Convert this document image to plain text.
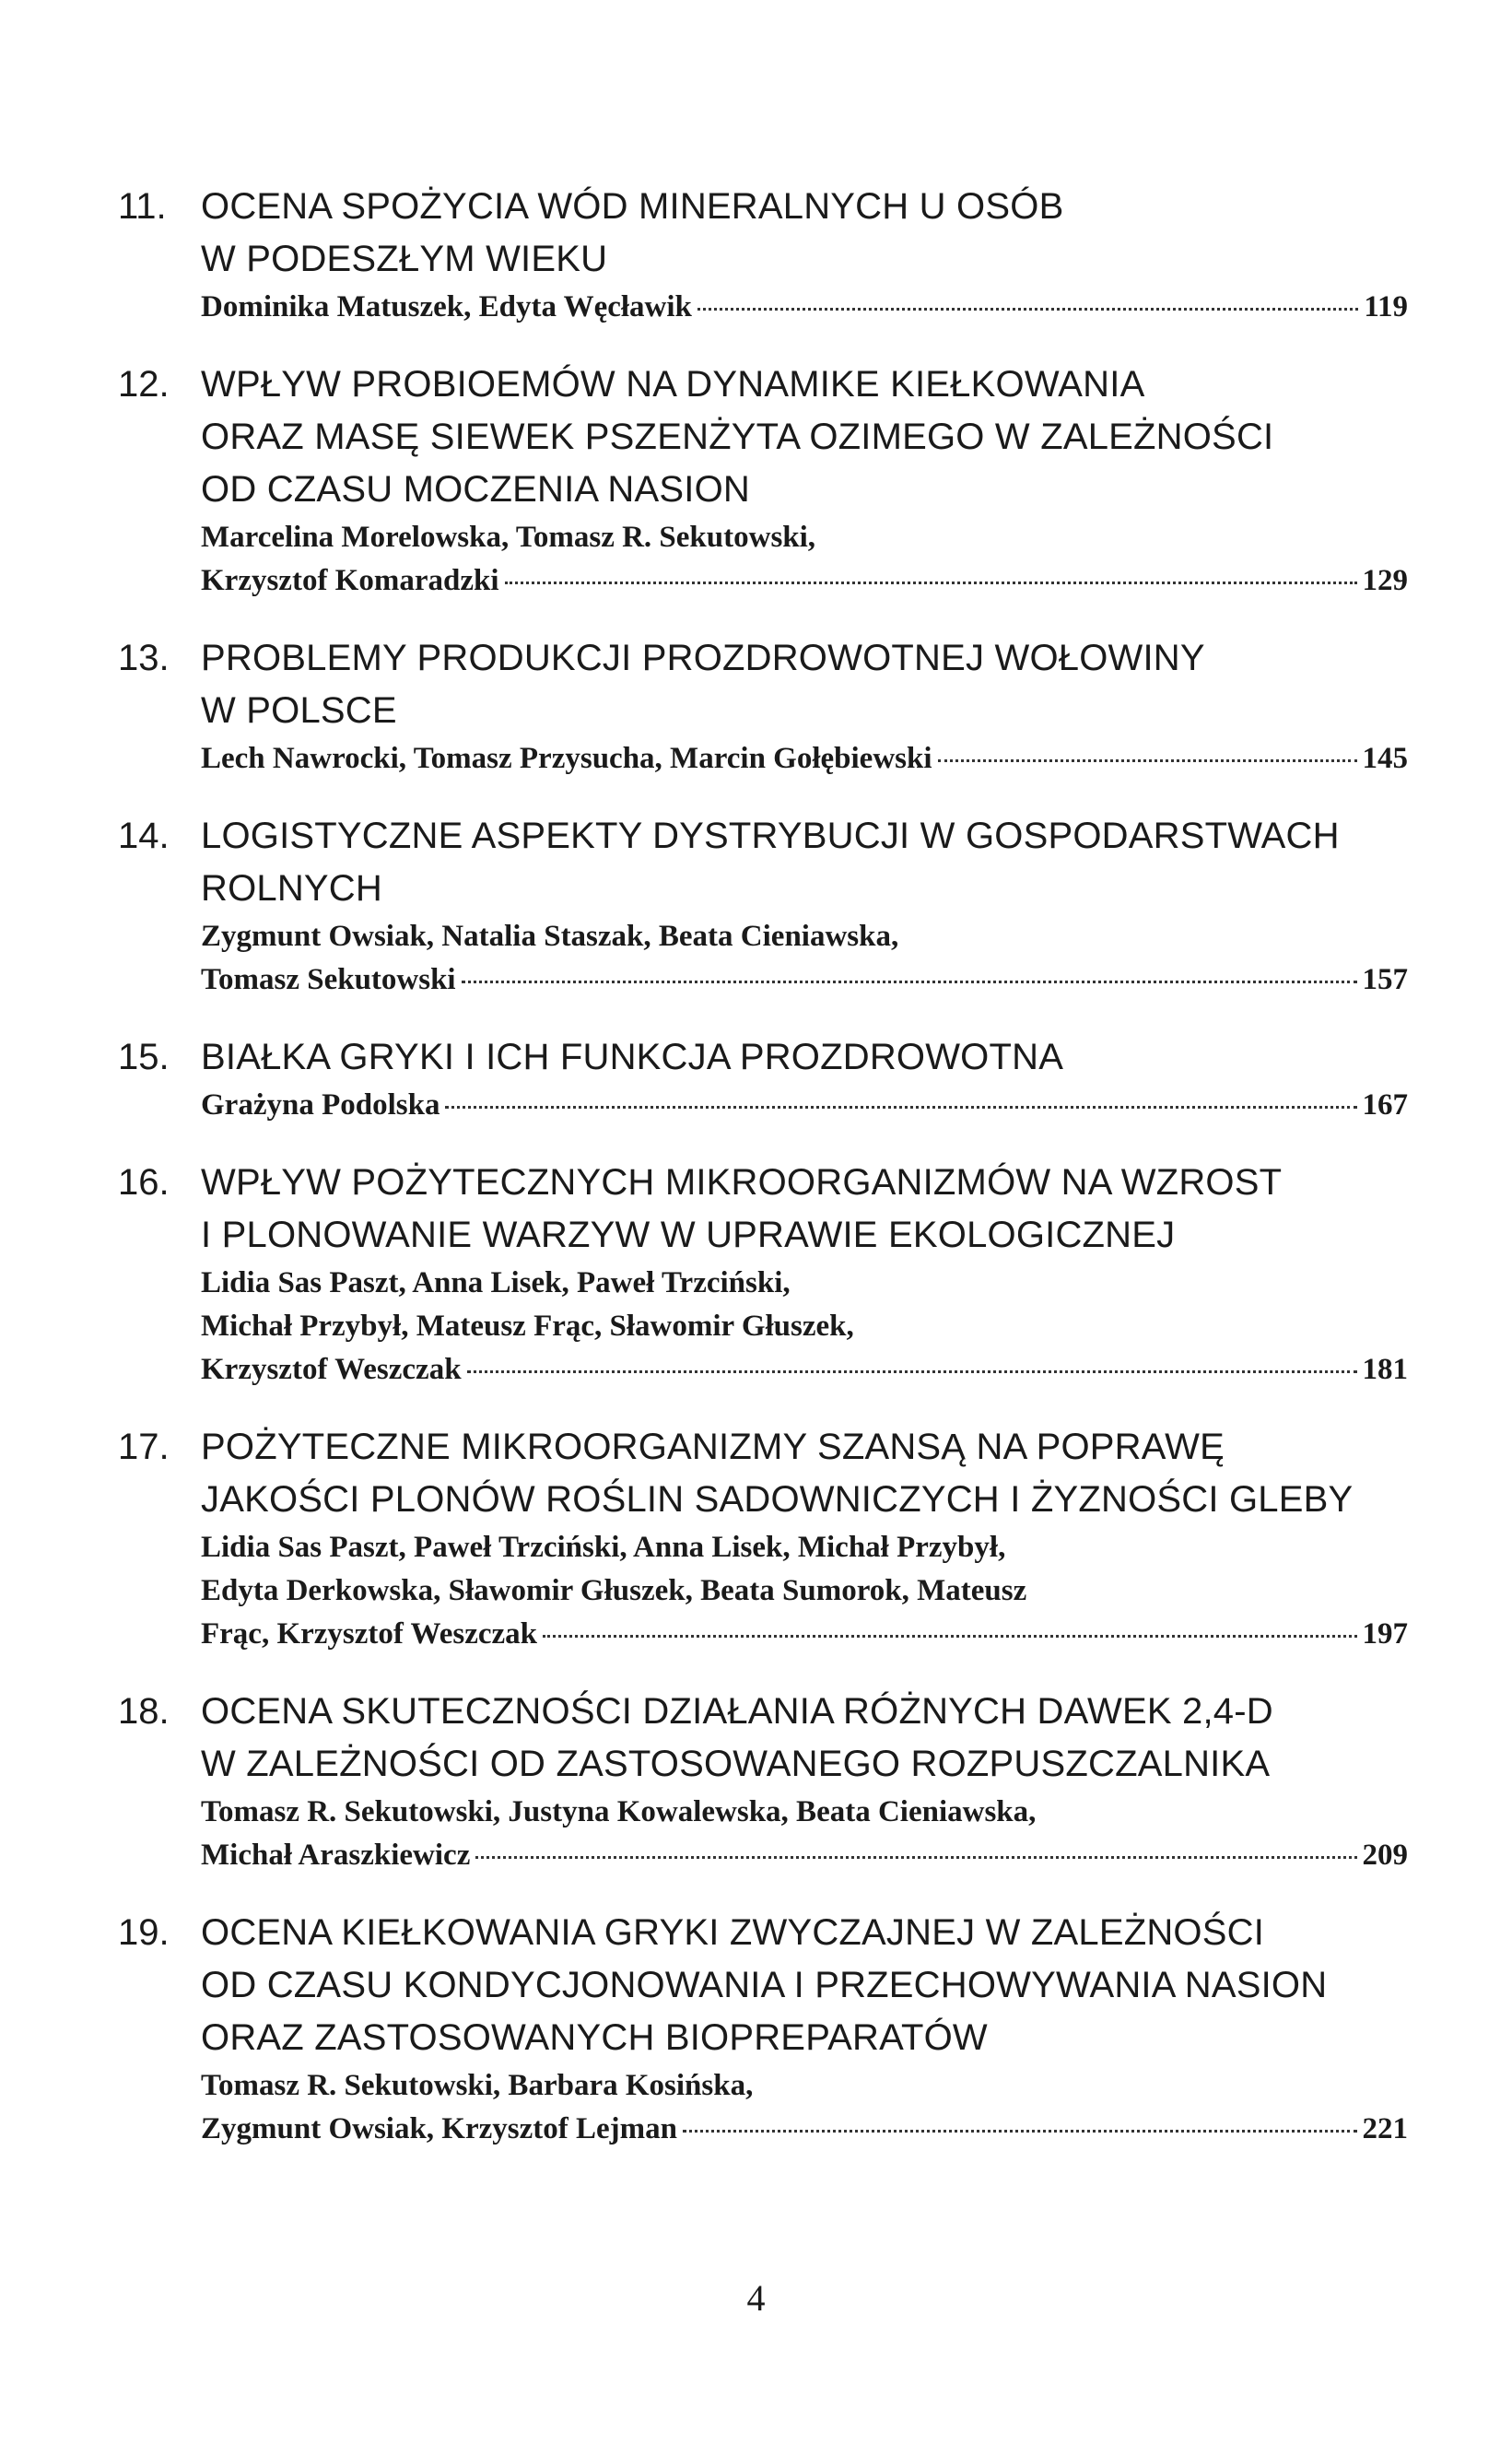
11. OCENA SPOŻYCIA WÓD MINERALNYCH U OSÓB
W PODESZŁYM WIEKU
Dominika Matuszek, Edyta Węcławik	119
12. WPŁYW PROBIOEMÓW NA DYNAMIKE KIEŁKOWANIA
ORAZ MASĘ SIEWEK PSZENŻYTA OZIMEGO W ZALEŻNOŚCI
OD CZASU MOCZENIA NASION
Marcelina Morelowska, Tomasz R. Sekutowski,
Krzysztof Komaradzki	129
13. PROBLEMY PRODUKCJI PROZDROWOTNEJ WOŁOWINY
W POLSCE
Lech Nawrocki, Tomasz Przysucha, Marcin Gołębiewski	145
14. LOGISTYCZNE ASPEKTY DYSTRYBUCJI W GOSPODARSTWACH
ROLNYCH
Zygmunt Owsiak, Natalia Staszak, Beata Cieniawska,
Tomasz Sekutowski	157
15. BIAŁKA GRYKI I ICH FUNKCJA PROZDROWOTNA
Grażyna Podolska	167
16. WPŁYW POŻYTECZNYCH MIKROORGANIZMÓW NA WZROST
I PLONOWANIE WARZYW W UPRAWIE EKOLOGICZNEJ
Lidia Sas Paszt, Anna Lisek, Paweł Trzciński,
Michał Przybył, Mateusz Frąc, Sławomir Głuszek,
Krzysztof Weszczak	181
17. POŻYTECZNE MIKROORGANIZMY SZANSĄ NA POPRAWĘ
JAKOŚCI PLONÓW ROŚLIN SADOWNICZYCH I ŻYZNOŚCI GLEBY
Lidia Sas Paszt, Paweł Trzciński, Anna Lisek, Michał Przybył,
Edyta Derkowska, Sławomir Głuszek, Beata Sumorok, Mateusz
Frąc, Krzysztof Weszczak	197
18. OCENA SKUTECZNOŚCI DZIAŁANIA RÓŻNYCH DAWEK 2,4-D
W ZALEŻNOŚCI OD ZASTOSOWANEGO ROZPUSZCZALNIKA
Tomasz R. Sekutowski, Justyna Kowalewska, Beata Cieniawska,
Michał Araszkiewicz	209
19. OCENA KIEŁKOWANIA GRYKI ZWYCZAJNEJ W ZALEŻNOŚCI
OD CZASU KONDYCJONOWANIA I PRZECHOWYWANIA NASION
ORAZ ZASTOSOWANYCH BIOPREPARATÓW
Tomasz R. Sekutowski, Barbara Kosińska,
Zygmunt Owsiak, Krzysztof Lejman	221
4
